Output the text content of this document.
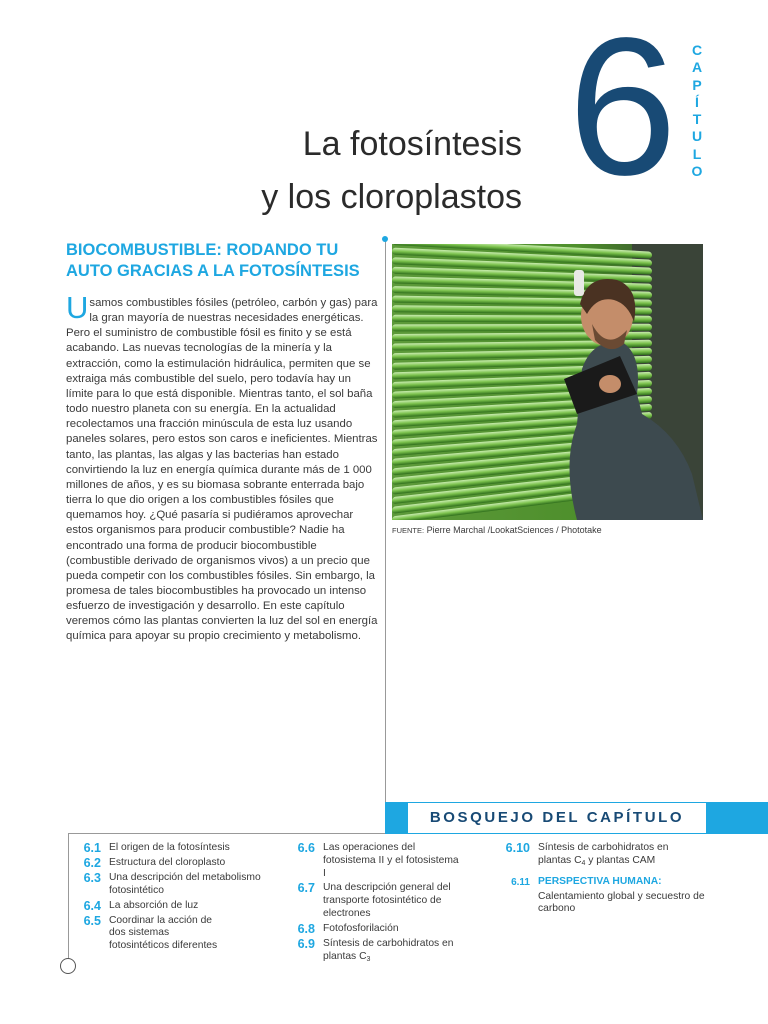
La fotosíntesis
y los cloroplastos 6	C
A
P
Í
T
U
L
O
BIOCOMBUSTIBLE: RODANDO TU AUTO GRACIAS A LA FOTOSÍNTESIS
Usamos combustibles fósiles (petróleo, carbón y gas) para la gran mayoría de nuestras necesidades energéticas. Pero el suministro de combustible fósil es finito y se está acabando. Las nuevas tecnologías de la minería y la extracción, como la estimulación hidráulica, permiten que se extraiga más combustible del suelo, pero todavía hay un límite para lo que está disponible. Mientras tanto, el sol baña todo nuestro planeta con su energía. En la actualidad recolectamos una fracción minúscula de esta luz usando paneles solares, pero estos son caros e ineficientes. Mientras tanto, las plantas, las algas y las bacterias han estado convirtiendo la luz en energía química durante más de 1 000 millones de años, y es su biomasa sobrante enterrada bajo tierra lo que dio origen a los combustibles fósiles que quemamos hoy. ¿Qué pasaría si pudiéramos aprovechar estos organismos para producir combustible? Nadie ha encontrado una forma de producir biocombustible (combustible derivado de organismos vivos) a un precio que pueda competir con los combustibles fósiles. Sin embargo, la promesa de tales biocombustibles ha provocado un intenso esfuerzo de investigación y desarrollo. En este capítulo veremos cómo las plantas convierten la luz del sol en energía química para apoyar su propio crecimiento y metabolismo.
FUENTE: Pierre Marchal /LookatSciences / Phototake
BOSQUEJO DEL CAPÍTULO
6.1 El origen de la fotosíntesis
6.2 Estructura del cloroplasto
6.3 Una descripción del metabolismo fotosintético
6.4 La absorción de luz
6.5 Coordinar la acción de dos sistemas fotosintéticos diferentes
6.6 Las operaciones del fotosistema II y el fotosistema I
6.7 Una descripción general del transporte fotosintético de electrones
6.8 Fotofosforilación
6.9 Síntesis de carbohidratos en plantas $C_3$
6.10 Síntesis de carbohidratos en plantas $C_4$ y plantas CAM
6.11 PERSPECTIVA HUMANA:
Calentamiento global y secuestro de carbono
